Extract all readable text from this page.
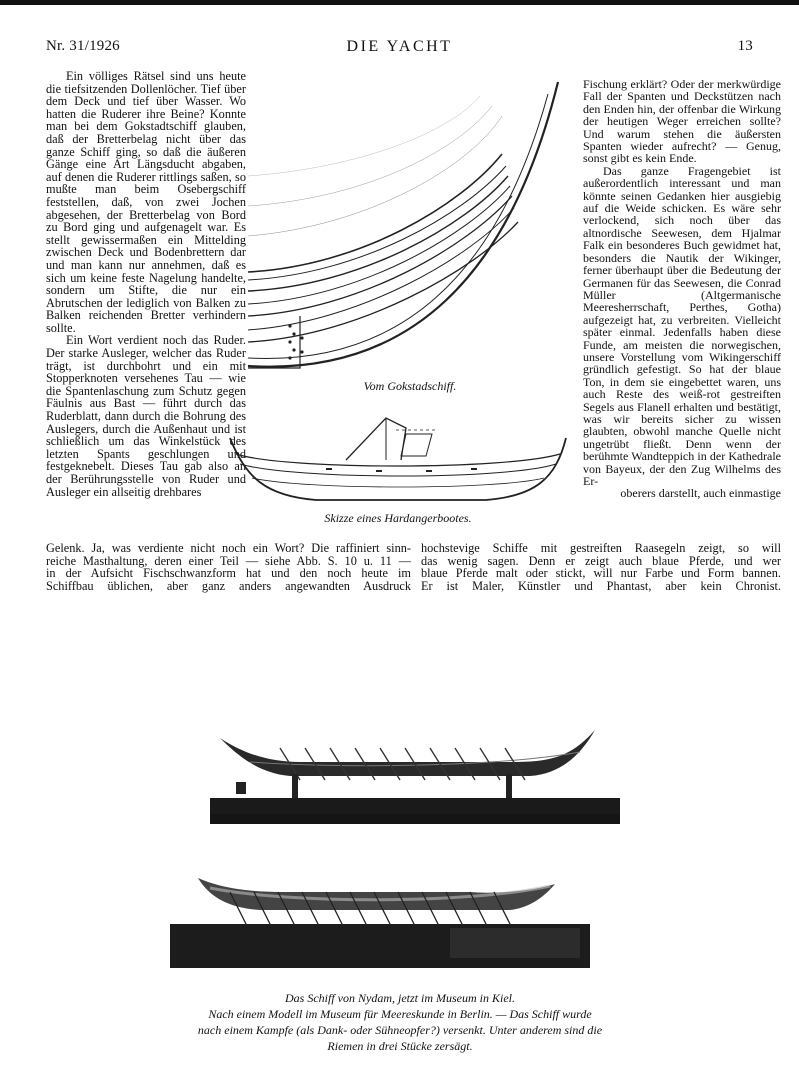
DIE YACHT
Nr. 31/1926	13

Ein völliges Rätsel sind uns heute die tiefsitzenden Dollenlöcher. Tief über dem Deck und tief über Wasser. Wo hatten die Ruderer ihre Beine? Konnte man bei dem Gokstadtschiff glauben, daß der Bretterbelag nicht über das ganze Schiff ging, so daß die äußeren Gänge eine Art Längsducht abgaben, auf denen die Ruderer rittlings saßen, so mußte man beim Osebergschiff feststellen, daß, von zwei Jochen abgesehen, der Bretterbelag von Bord zu Bord ging und aufgenagelt war. Es stellt gewissermaßen ein Mittelding zwischen Deck und Bodenbrettern dar und man kann nur annehmen, daß es sich um keine feste Nagelung handelte, sondern um Stifte, die nur ein Abrutschen der lediglich von Balken zu Balken reichenden Bretter verhindern sollte.

Ein Wort verdient noch das Ruder. Der starke Ausleger, welcher das Ruder trägt, ist durchbohrt und ein mit Stopperknoten versehenes Tau — wie die Spantenlaschung zum Schutz gegen Fäulnis aus Bast — führt durch das Ruderblatt, dann durch die Bohrung des Auslegers, durch die Außenhaut und ist schließlich um das Winkelstück des letzten Spants geschlungen und festgeknebelt. Dieses Tau gab also an der Berührungsstelle von Ruder und Ausleger ein allseitig drehbares

Fischung erklärt? Oder der merkwürdige Fall der Spanten und Deckstützen nach den Enden hin, der offenbar die Wirkung der heutigen Weger erreichen sollte? Und warum stehen die äußersten Spanten wieder aufrecht? — Genug, sonst gibt es kein Ende.

Das ganze Fragengebiet ist außerordentlich interessant und man könnte seinen Gedanken hier ausgiebig auf die Weide schicken. Es wäre sehr verlockend, sich noch über das altnordische Seewesen, dem Hjalmar Falk ein besonderes Buch gewidmet hat, besonders die Nautik der Wikinger, ferner überhaupt über die Bedeutung der Germanen für das Seewesen, die Conrad Müller (Altgermanische Meeresherrschaft, Perthes, Gotha) aufgezeigt hat, zu verbreiten. Vielleicht später einmal. Jedenfalls haben diese Funde, am meisten die norwegischen, unsere Vorstellung vom Wikingerschiff gründlich gefestigt. So hat der blaue Ton, in dem sie eingebettet waren, uns auch Reste des weiß-rot gestreiften Segels aus Flanell erhalten und bestätigt, was wir bereits sicher zu wissen glaubten, obwohl manche Quelle nicht ungetrübt fließt. Denn wenn der berühmte Wandteppich in der Kathedrale von Bayeux, der den Zug Wilhelms des Er-

oberers darstellt, auch einmastige

Gelenk. Ja, was verdiente nicht noch ein Wort? Die raffiniert sinn-
reiche Masthaltung, deren einer Teil — siehe Abb. S. 10 u. 11 —
in der Aufsicht Fischschwanzform hat und den noch heute im
Schiffbau üblichen, aber ganz anders angewandten Ausdruck
hochstevige Schiffe mit gestreiften Raasegeln zeigt, so will
das wenig sagen. Denn er zeigt auch blaue Pferde, und wer
blaue Pferde malt oder stickt, will nur Farbe und Form bannen.
Er ist Maler, Künstler und Phantast, aber kein Chronist.
Vom Gokstadschiff.
Skizze eines Hardangerbootes.
Das Schiff von Nydam, jetzt im Museum in Kiel.
Nach einem Modell im Museum für Meereskunde in Berlin. — Das Schiff wurde
nach einem Kampfe (als Dank- oder Sühneopfer?) versenkt. Unter anderem sind die
Riemen in drei Stücke zersägt.
